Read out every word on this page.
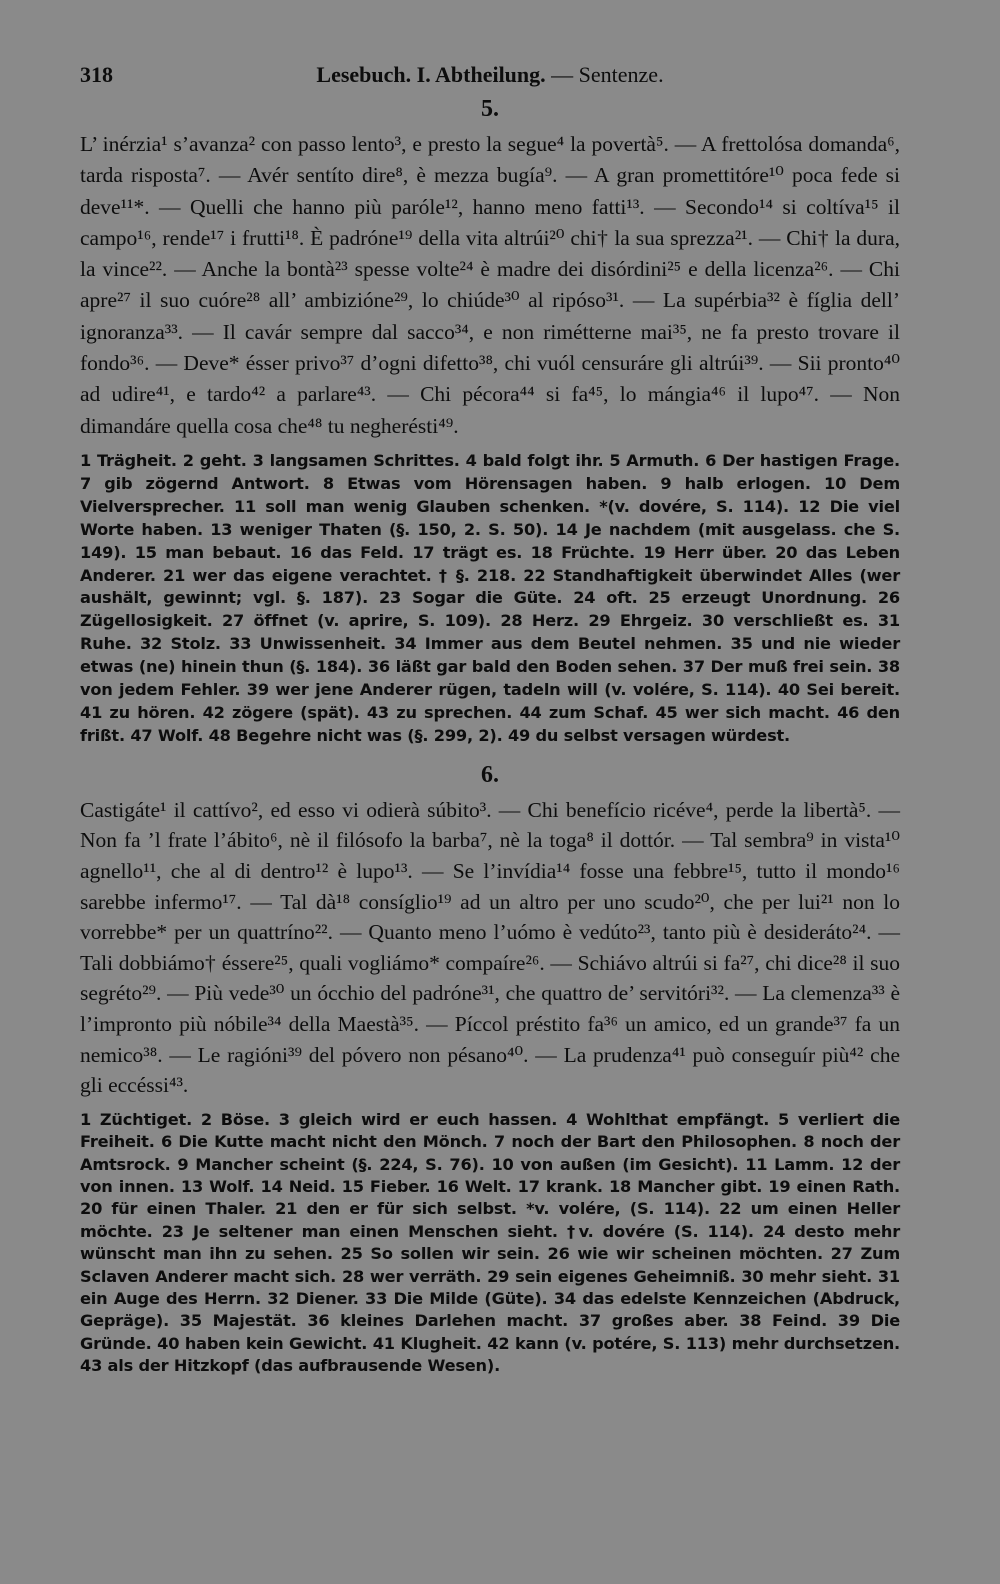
318	Lesebuch. I. Abtheilung. — Sentenze.
5.

L’ inérzia¹ s’avanza² con passo lento³, e presto la segue⁴ la povertà⁵. — A frettolósa domanda⁶, tarda risposta⁷. — Avér sentíto dire⁸, è mezza bugía⁹. — A gran promettitóre¹⁰ poca fede si deve¹¹*. — Quelli che hanno più paróle¹², hanno meno fatti¹³. — Secondo¹⁴ si coltíva¹⁵ il campo¹⁶, rende¹⁷ i frutti¹⁸. È padróne¹⁹ della vita altrúi²⁰ chi† la sua sprezza²¹. — Chi† la dura, la vince²². — Anche la bontà²³ spesse volte²⁴ è madre dei disórdini²⁵ e della licenza²⁶. — Chi apre²⁷ il suo cuóre²⁸ all’ ambizióne²⁹, lo chiúde³⁰ al ripóso³¹. — La supérbia³² è fíglia dell’ ignoranza³³. — Il cavár sempre dal sacco³⁴, e non rimétterne mai³⁵, ne fa presto trovare il fondo³⁶. — Deve* ésser privo³⁷ d’ogni difetto³⁸, chi vuól censuráre gli altrúi³⁹. — Sii pronto⁴⁰ ad udire⁴¹, e tardo⁴² a parlare⁴³. — Chi pécora⁴⁴ si fa⁴⁵, lo mángia⁴⁶ il lupo⁴⁷. — Non dimandáre quella cosa che⁴⁸ tu negherésti⁴⁹.

1 Trägheit. 2 geht. 3 langsamen Schrittes. 4 bald folgt ihr. 5 Armuth. 6 Der hastigen Frage. 7 gib zögernd Antwort. 8 Etwas vom Hörensagen haben. 9 halb erlogen. 10 Dem Vielversprecher. 11 soll man wenig Glauben schenken. *(v. dovére, S. 114). 12 Die viel Worte haben. 13 weniger Thaten (§. 150, 2. S. 50). 14 Je nachdem (mit ausgelass. che S. 149). 15 man bebaut. 16 das Feld. 17 trägt es. 18 Früchte. 19 Herr über. 20 das Leben Anderer. 21 wer das eigene verachtet. † §. 218. 22 Standhaftigkeit überwindet Alles (wer aushält, gewinnt; vgl. §. 187). 23 Sogar die Güte. 24 oft. 25 erzeugt Unordnung. 26 Zügellosigkeit. 27 öffnet (v. aprire, S. 109). 28 Herz. 29 Ehrgeiz. 30 verschließt es. 31 Ruhe. 32 Stolz. 33 Unwissenheit. 34 Immer aus dem Beutel nehmen. 35 und nie wieder etwas (ne) hinein thun (§. 184). 36 läßt gar bald den Boden sehen. 37 Der muß frei sein. 38 von jedem Fehler. 39 wer jene Anderer rügen, tadeln will (v. volére, S. 114). 40 Sei bereit. 41 zu hören. 42 zögere (spät). 43 zu sprechen. 44 zum Schaf. 45 wer sich macht. 46 den frißt. 47 Wolf. 48 Begehre nicht was (§. 299, 2). 49 du selbst versagen würdest.

6.

Castigáte¹ il cattívo², ed esso vi odierà súbito³. — Chi benefício ricéve⁴, perde la libertà⁵. — Non fa ’l frate l’ábito⁶, nè il filósofo la barba⁷, nè la toga⁸ il dottór. — Tal sembra⁹ in vista¹⁰ agnello¹¹, che al di dentro¹² è lupo¹³. — Se l’invídia¹⁴ fosse una febbre¹⁵, tutto il mondo¹⁶ sarebbe infermo¹⁷. — Tal dà¹⁸ consíglio¹⁹ ad un altro per uno scudo²⁰, che per lui²¹ non lo vorrebbe* per un quattríno²². — Quanto meno l’uómo è vedúto²³, tanto più è desideráto²⁴. — Tali dobbiámo† éssere²⁵, quali vogliámo* compaíre²⁶. — Schiávo altrúi si fa²⁷, chi dice²⁸ il suo segréto²⁹. — Più vede³⁰ un ócchio del padróne³¹, che quattro de’ servitóri³². — La clemenza³³ è l’impronto più nóbile³⁴ della Maestà³⁵. — Píccol préstito fa³⁶ un amico, ed un grande³⁷ fa un nemico³⁸. — Le ragióni³⁹ del póvero non pésano⁴⁰. — La prudenza⁴¹ può conseguír più⁴² che gli eccéssi⁴³.

1 Züchtiget. 2 Böse. 3 gleich wird er euch hassen. 4 Wohlthat empfängt. 5 verliert die Freiheit. 6 Die Kutte macht nicht den Mönch. 7 noch der Bart den Philosophen. 8 noch der Amtsrock. 9 Mancher scheint (§. 224, S. 76). 10 von außen (im Gesicht). 11 Lamm. 12 der von innen. 13 Wolf. 14 Neid. 15 Fieber. 16 Welt. 17 krank. 18 Mancher gibt. 19 einen Rath. 20 für einen Thaler. 21 den er für sich selbst. *v. volére, (S. 114). 22 um einen Heller möchte. 23 Je seltener man einen Menschen sieht. †v. dovére (S. 114). 24 desto mehr wünscht man ihn zu sehen. 25 So sollen wir sein. 26 wie wir scheinen möchten. 27 Zum Sclaven Anderer macht sich. 28 wer verräth. 29 sein eigenes Geheimniß. 30 mehr sieht. 31 ein Auge des Herrn. 32 Diener. 33 Die Milde (Güte). 34 das edelste Kennzeichen (Abdruck, Gepräge). 35 Majestät. 36 kleines Darlehen macht. 37 großes aber. 38 Feind. 39 Die Gründe. 40 haben kein Gewicht. 41 Klugheit. 42 kann (v. potére, S. 113) mehr durchsetzen. 43 als der Hitzkopf (das aufbrausende Wesen).
